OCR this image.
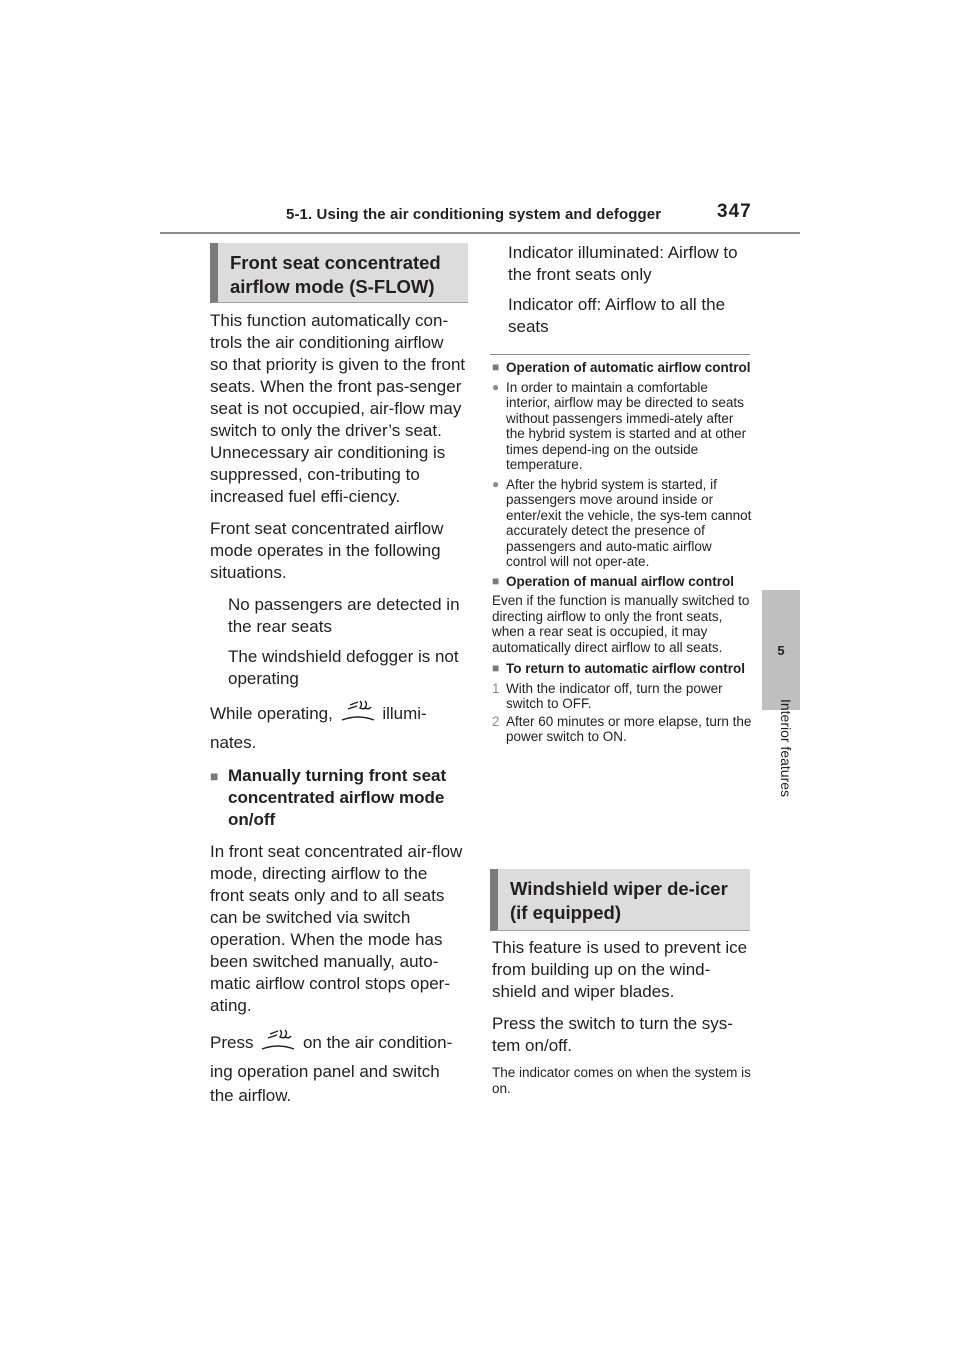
5-1. Using the air conditioning system and defogger	347
5
Interior features
Front seat concentrated airflow mode (S-FLOW)

This function automatically con-trols the air conditioning airflow so that priority is given to the front seats. When the front pas-senger seat is not occupied, air-flow may switch to only the driver’s seat. Unnecessary air conditioning is suppressed, con-tributing to increased fuel effi-ciency.

Front seat concentrated airflow mode operates in the following situations.

No passengers are detected in the rear seats
The windshield defogger is not operating

While operating,	illumi-nates.

■ Manually turning front seat concentrated airflow mode on/off

In front seat concentrated air-flow mode, directing airflow to the front seats only and to all seats can be switched via switch operation. When the mode has been switched manually, auto-matic airflow control stops oper-ating.

Press	on the air condition-ing operation panel and switch the airflow.

Indicator illuminated: Airflow to the front seats only
Indicator off: Airflow to all the seats
■ Operation of automatic airflow control
● In order to maintain a comfortable interior, airflow may be directed to seats without passengers immedi-ately after the hybrid system is started and at other times depend-ing on the outside temperature.
● After the hybrid system is started, if passengers move around inside or enter/exit the vehicle, the sys-tem cannot accurately detect the presence of passengers and auto-matic airflow control will not oper-ate.
■ Operation of manual airflow control

Even if the function is manually switched to directing airflow to only the front seats, when a rear seat is occupied, it may automatically direct airflow to all seats.

■ To return to automatic airflow control
1 With the indicator off, turn the power switch to OFF.
2 After 60 minutes or more elapse, turn the power switch to ON.
Windshield wiper de-icer (if equipped)

This feature is used to prevent ice from building up on the wind-shield and wiper blades.

Press the switch to turn the sys-tem on/off.

The indicator comes on when the system is on.
